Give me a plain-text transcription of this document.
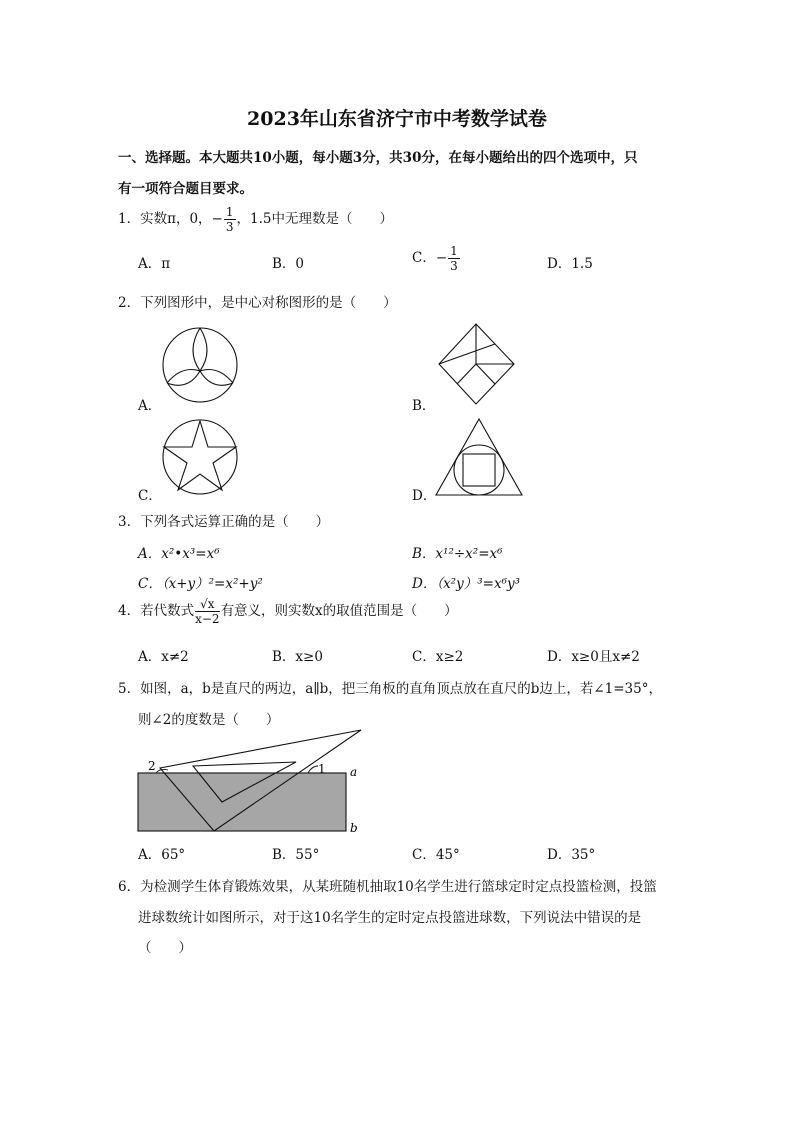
2023年山东省济宁市中考数学试卷
一、选择题。本大题共10小题，每小题3分，共30分，在每小题给出的四个选项中，只
有一项符合题目要求。
1．实数π，0，− $\frac{1}{3}$ ，1.5中无理数是（　　）
A．π	B．0	C．− $\frac{1}{3}$	D．1.5
2．下列图形中，是中心对称图形的是（　　）
A．	B．
C．	D．
3．下列各式运算正确的是（　　）
A．x²•x³=x⁶	B．x¹²÷x²=x⁶
C．（x+y）²=x²+y²	D．（x²y）³=x⁶y³
4．若代数式 $\frac{√x}{x-2}$ 有意义，则实数x的取值范围是（　　）
A．x≠2	B．x≥0	C．x≥2	D．x≥0且x≠2
5．如图，a，b是直尺的两边，a∥b，把三角板的直角顶点放在直尺的b边上，若∠1=35°，
则∠2的度数是（　　）
2	1 a
b
A．65°	B．55°	C．45°	D．35°
6．为检测学生体育锻炼效果，从某班随机抽取10名学生进行篮球定时定点投篮检测，投篮
进球数统计如图所示，对于这10名学生的定时定点投篮进球数，下列说法中错误的是
（　　）
